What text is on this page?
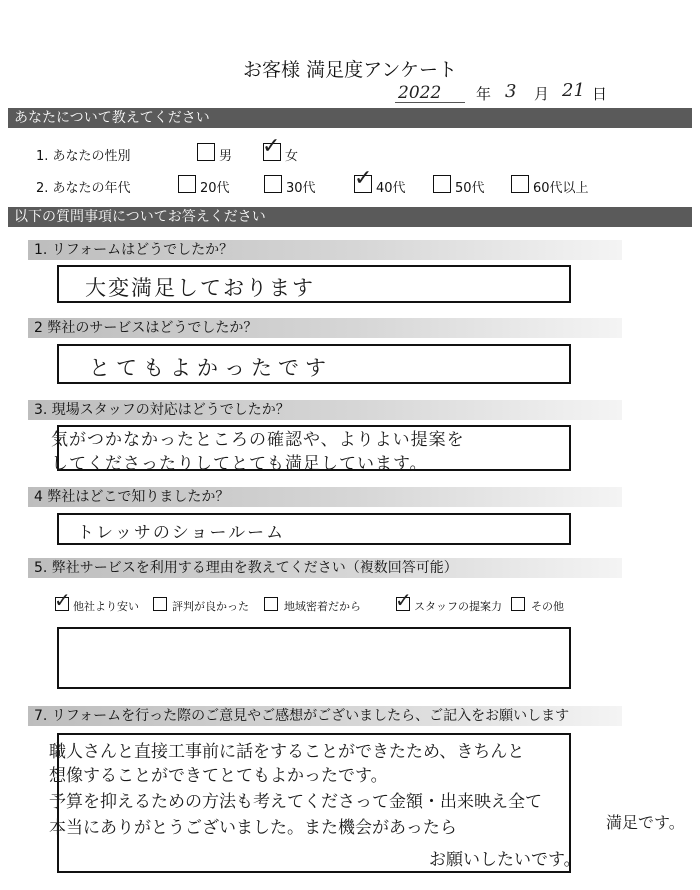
お客様 満足度アンケート
2022 年 3 月 21 日
あなたについて教えてください
1. あなたの性別	男 ✓ 女
2. あなたの年代	20代	30代 ✓ 40代	50代	60代以上
以下の質問事項についてお答えください
1. リフォームはどうでしたか？
大変満足しております
2 弊社のサービスはどうでしたか？
とてもよかったです
3. 現場スタッフの対応はどうでしたか？
気がつかなかったところの確認や、よりよい提案を
してくださったりしてとても満足しています。
4 弊社はどこで知りましたか？
トレッサのショールーム
5. 弊社サービスを利用する理由を教えてください（複数回答可能）
✓ 他社より安い	評判が良かった	地域密着だから ✓ スタッフの提案力	その他
7. リフォームを行った際のご意見やご感想がございましたら、ご記入をお願いします
職人さんと直接工事前に話をすることができたため、きちんと
想像することができてとてもよかったです。
予算を抑えるための方法も考えてくださって金額・出来映え全て
本当にありがとうございました。また機会があったら
お願いしたいです。
満足です。
